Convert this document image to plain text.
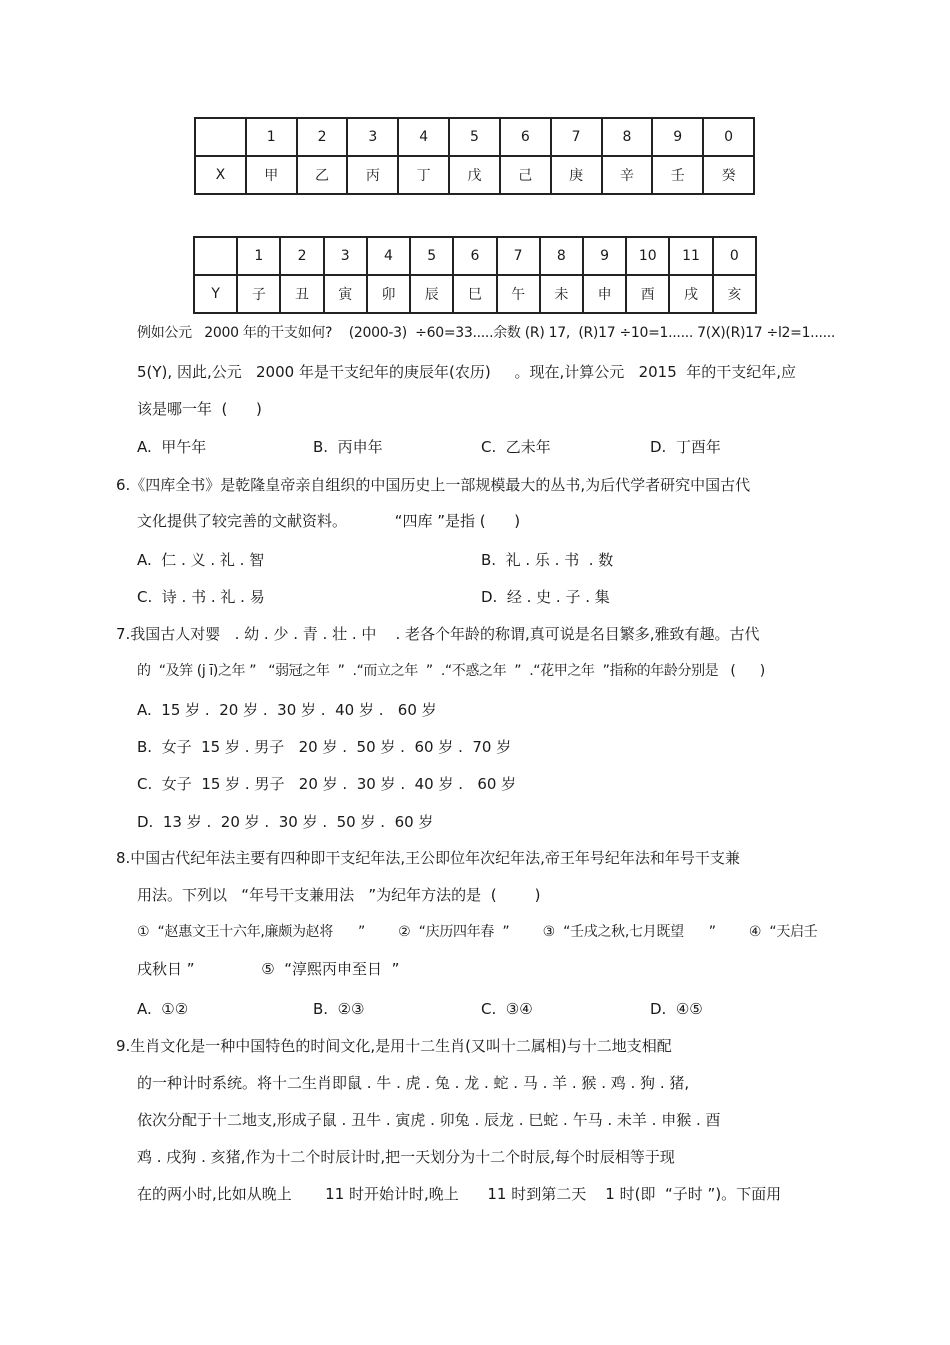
	1	2	3	4	5	6	7	8	9	0
X	甲	乙	丙	丁	戊	己	庚	辛	壬	癸
	1	2	3	4	5	6	7	8	9	10	11	0
Y	子	丑	寅	卯	辰	巳	午	未	申	酉	戌	亥
例如公元   2000 年的干支如何?    (2000-3)  ÷60=33.....余数 (R) 17,  (R)17 ÷10=1...... 7(X)(R)17 ÷l2=1......
5(Y), 因此,公元   2000 年是干支纪年的庚辰年(农历)     。现在,计算公元   2015  年的干支纪年,应
该是哪一年  (      )
A.  甲午年	B.  丙申年	C.  乙未年	D.  丁酉年
6.《四库全书》是乾隆皇帝亲自组织的中国历史上一部规模最大的丛书,为后代学者研究中国古代
文化提供了较完善的文献资料。          “四库 ”是指 (      )
A.  仁 . 义 . 礼 . 智	B.  礼 . 乐 . 书  . 数
C.  诗 . 书 . 礼 . 易	D.  经 . 史 . 子 . 集
7.我国古人对婴   . 幼 . 少 . 青 . 壮 . 中    . 老各个年龄的称谓,真可说是名目繁多,雅致有趣。古代
的  “及笄 (j ī)之年 ”   “弱冠之年  ”  .“而立之年  ”  .“不惑之年  ”  .“花甲之年  ”指称的年龄分别是   (      )
A.  15 岁 .  20 岁 .  30 岁 .  40 岁 .   60 岁
B.  女子  15 岁 . 男子   20 岁 .  50 岁 .  60 岁 .  70 岁
C.  女子  15 岁 . 男子   20 岁 .  30 岁 .  40 岁 .   60 岁
D.  13 岁 .  20 岁 .  30 岁 .  50 岁 .  60 岁
8.中国古代纪年法主要有四种即干支纪年法,王公即位年次纪年法,帝王年号纪年法和年号干支兼
用法。下列以   “年号干支兼用法   ”为纪年方法的是  (        )
①  “赵惠文王十六年,廉颇为赵将      ”        ②  “庆历四年春  ”        ③  “壬戌之秋,七月既望      ”        ④  “天启壬
戌秋日 ”              ⑤  “淳熙丙申至日  ”
A.  ①②	B.  ②③	C.  ③④	D.  ④⑤
9.生肖文化是一种中国特色的时间文化,是用十二生肖(又叫十二属相)与十二地支相配
的一种计时系统。将十二生肖即鼠 . 牛 . 虎 . 兔 . 龙 . 蛇 . 马 . 羊 . 猴 . 鸡 . 狗 . 猪,
依次分配于十二地支,形成子鼠 . 丑牛 . 寅虎 . 卯兔 . 辰龙 . 巳蛇 . 午马 . 未羊 . 申猴 . 酉
鸡 . 戌狗 . 亥猪,作为十二个时辰计时,把一天划分为十二个时辰,每个时辰相等于现
在的两小时,比如从晚上       11 时开始计时,晚上      11 时到第二天    1 时(即  “子时 ”)。下面用
